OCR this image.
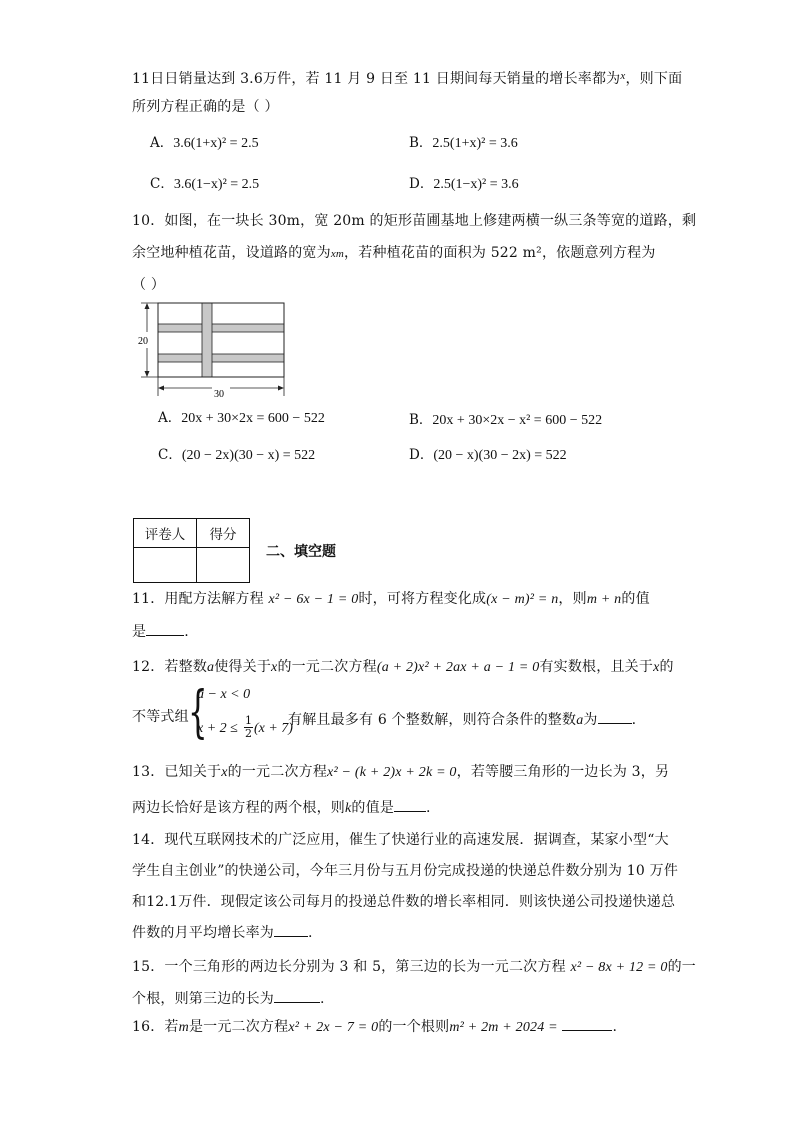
11日日销量达到 3.6万件，若 11 月 9 日至 11 日期间每天销量的增长率都为$^x$，则下面
所列方程正确的是（ ）
A．3.6(1+x)² = 2.5	B．2.5(1+x)² = 3.6
C．3.6(1−x)² = 2.5	D．2.5(1−x)² = 3.6
10．如图，在一块长 30m，宽 20m 的矩形苗圃基地上修建两横一纵三条等宽的道路，剩
余空地种植花苗，设道路的宽为xm，若种植花苗的面积为 522 m²，依题意列方程为
（ ）
20
30
A．20x + 30×2x = 600 − 522	B．20x + 30×2x − x² = 600 − 522
C．(20 − 2x)(30 − x) = 522	D．(20 − x)(30 − 2x) = 522
评卷人	得分

二、填空题
11．用配方法解方程 x² − 6x − 1 = 0时，可将方程变化成(x − m)² = n，则m + n的值
是	.
12．若整数a使得关于x的一元二次方程(a + 2)x² + 2ax + a − 1 = 0有实数根，且关于x的
不等式组 {
a − x < 0
$x + 2 \le \frac{1}{2} (x + 7)$
有解且最多有 6 个整数解，则符合条件的整数a为 .
13．已知关于x的一元二次方程x² − (k + 2)x + 2k = 0，若等腰三角形的一边长为 3，另
两边长恰好是该方程的两个根，则k的值是 .
14．现代互联网技术的广泛应用，催生了快递行业的高速发展．据调查，某家小型“大
学生自主创业”的快递公司，今年三月份与五月份完成投递的快递总件数分别为 10 万件
和12.1万件．现假定该公司每月的投递总件数的增长率相同．则该快递公司投递快递总
件数的月平均增长率为 .
15．一个三角形的两边长分别为 3 和 5，第三边的长为一元二次方程 x² − 8x + 12 = 0的一
个根，则第三边的长为	.
16．若m是一元二次方程x² + 2x − 7 = 0的一个根则m² + 2m + 2024 =	.
